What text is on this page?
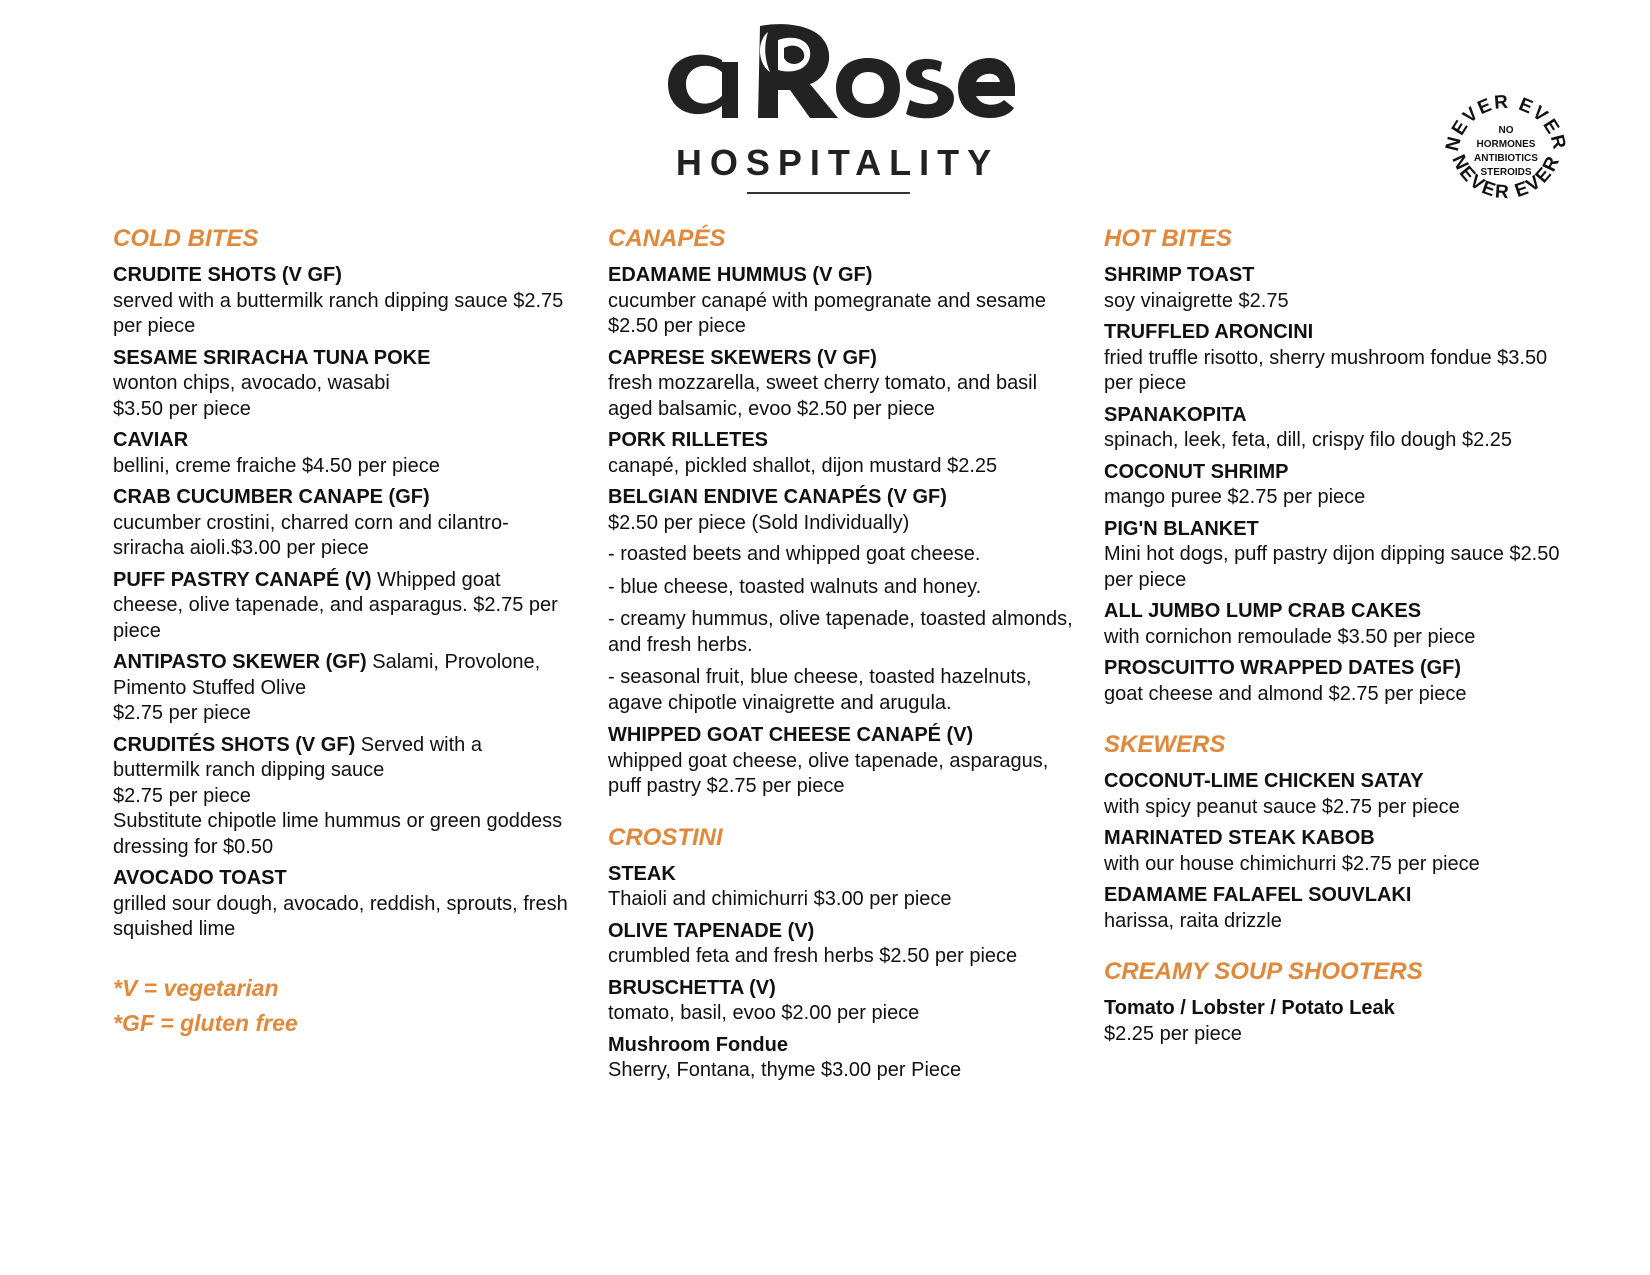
HOSPITALITY	NEVER EVER
NEVER EVER
NO
HORMONES
ANTIBIOTICS
STEROIDS
COLD BITES
CRUDITE SHOTS (V GF)
served with a buttermilk ranch dipping sauce $2.75 per piece
SESAME SRIRACHA TUNA POKE
wonton chips, avocado, wasabi
$3.50 per piece
CAVIAR
bellini, creme fraiche $4.50 per piece
CRAB CUCUMBER CANAPE (GF)
cucumber crostini, charred corn and cilantro-sriracha aioli.$3.00 per piece
PUFF PASTRY CANAPÉ (V) Whipped goat cheese, olive tapenade, and asparagus. $2.75 per piece
ANTIPASTO SKEWER (GF) Salami, Provolone, Pimento Stuffed Olive
$2.75 per piece
CRUDITÉS SHOTS (V GF) Served with a buttermilk ranch dipping sauce
$2.75 per piece
Substitute chipotle lime hummus or green goddess dressing for $0.50
AVOCADO TOAST
grilled sour dough, avocado, reddish, sprouts, fresh squished lime
*V = vegetarian
*GF = gluten free
CANAPÉS
EDAMAME HUMMUS (V GF)
cucumber canapé with pomegranate and sesame $2.50 per piece
CAPRESE SKEWERS (V GF)
fresh mozzarella, sweet cherry tomato, and basil aged balsamic, evoo $2.50 per piece
PORK RILLETES
canapé, pickled shallot, dijon mustard $2.25
BELGIAN ENDIVE CANAPÉS (V GF)
$2.50 per piece (Sold Individually)
- roasted beets and whipped goat cheese.
- blue cheese, toasted walnuts and honey.
- creamy hummus, olive tapenade, toasted almonds, and fresh herbs.
- seasonal fruit, blue cheese, toasted hazelnuts, agave chipotle vinaigrette and arugula.
WHIPPED GOAT CHEESE CANAPÉ (V)
whipped goat cheese, olive tapenade, asparagus, puff pastry $2.75 per piece
CROSTINI
STEAK
Thaioli and chimichurri $3.00 per piece
OLIVE TAPENADE (V)
crumbled feta and fresh herbs $2.50 per piece
BRUSCHETTA (V)
tomato, basil, evoo $2.00 per piece
Mushroom Fondue
Sherry, Fontana, thyme $3.00 per Piece
HOT BITES
SHRIMP TOAST
soy vinaigrette $2.75
TRUFFLED ARONCINI
fried truffle risotto, sherry mushroom fondue $3.50 per piece
SPANAKOPITA
spinach, leek, feta, dill, crispy filo dough $2.25
COCONUT SHRIMP
mango puree $2.75 per piece
PIG'N BLANKET
Mini hot dogs, puff pastry dijon dipping sauce $2.50 per piece
ALL JUMBO LUMP CRAB CAKES
with cornichon remoulade $3.50 per piece
PROSCUITTO WRAPPED DATES (GF)
goat cheese and almond $2.75 per piece
SKEWERS
COCONUT-LIME CHICKEN SATAY
with spicy peanut sauce $2.75 per piece
MARINATED STEAK KABOB
with our house chimichurri $2.75 per piece
EDAMAME FALAFEL SOUVLAKI
harissa, raita drizzle
CREAMY SOUP SHOOTERS
Tomato / Lobster / Potato Leak
$2.25 per piece
